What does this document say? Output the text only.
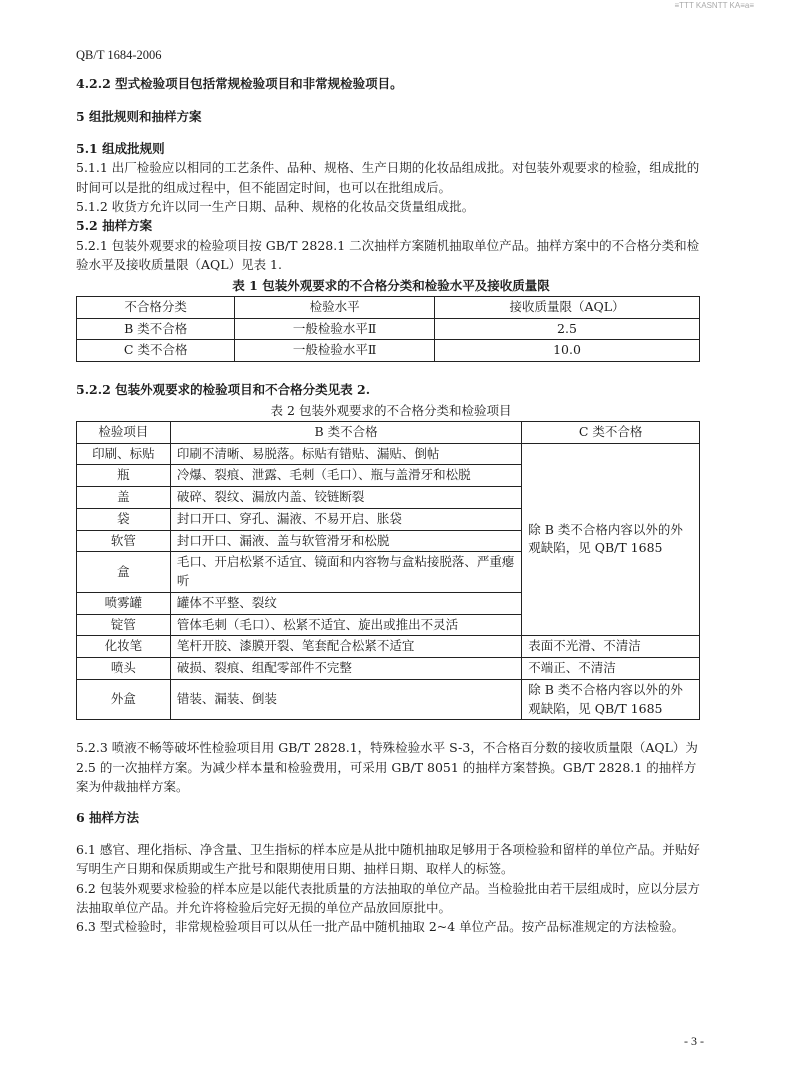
≡TTT KASNTT KA≡a≡
QB/T 1684-2006

4.2.2 型式检验项目包括常规检验项目和非常规检验项目。

5 组批规则和抽样方案

5.1 组成批规则

5.1.1 出厂检验应以相同的工艺条件、品种、规格、生产日期的化妆品组成批。对包装外观要求的检验，组成批的时间可以是批的组成过程中，但不能固定时间，也可以在批组成后。

5.1.2 收货方允许以同一生产日期、品种、规格的化妆品交货量组成批。

5.2 抽样方案

5.2.1 包装外观要求的检验项目按 GB/T 2828.1 二次抽样方案随机抽取单位产品。抽样方案中的不合格分类和检验水平及接收质量限（AQL）见表 1.

表 1 包装外观要求的不合格分类和检验水平及接收质量限

不合格分类	检验水平	接收质量限（AQL）
B 类不合格	一般检验水平Ⅱ	2.5
C 类不合格	一般检验水平Ⅱ	10.0

5.2.2 包装外观要求的检验项目和不合格分类见表 2.

表 2 包装外观要求的不合格分类和检验项目

检验项目	B 类不合格	C 类不合格
印刷、标贴	印刷不清晰、易脱落。标贴有错贴、漏贴、倒帖	除 B 类不合格内容以外的外观缺陷，见 QB/T 1685
瓶	冷爆、裂痕、泄露、毛刺（毛口）、瓶与盖滑牙和松脱	
盖	破碎、裂纹、漏放内盖、铰链断裂	
袋	封口开口、穿孔、漏液、不易开启、胀袋	
软管	封口开口、漏液、盖与软管滑牙和松脱	
盒	毛口、开启松紧不适宜、镜面和内容物与盒粘接脱落、严重瘪听	
喷雾罐	罐体不平整、裂纹	
锭管	管体毛刺（毛口）、松紧不适宜、旋出或推出不灵活	
化妆笔	笔杆开胶、漆膜开裂、笔套配合松紧不适宜	表面不光滑、不清洁
喷头	破损、裂痕、组配零部件不完整	不端正、不清洁
外盒	错装、漏装、倒装	除 B 类不合格内容以外的外观缺陷，见 QB/T 1685

5.2.3 喷液不畅等破坏性检验项目用 GB/T 2828.1，特殊检验水平 S-3，不合格百分数的接收质量限（AQL）为 2.5 的一次抽样方案。为减少样本量和检验费用，可采用 GB/T 8051 的抽样方案替换。GB/T 2828.1 的抽样方案为仲裁抽样方案。

6 抽样方法

6.1 感官、理化指标、净含量、卫生指标的样本应是从批中随机抽取足够用于各项检验和留样的单位产品。并贴好写明生产日期和保质期或生产批号和限期使用日期、抽样日期、取样人的标签。

6.2 包装外观要求检验的样本应是以能代表批质量的方法抽取的单位产品。当检验批由若干层组成时，应以分层方法抽取单位产品。并允许将检验后完好无损的单位产品放回原批中。

6.3 型式检验时，非常规检验项目可以从任一批产品中随机抽取 2~4 单位产品。按产品标准规定的方法检验。

- 3 -
